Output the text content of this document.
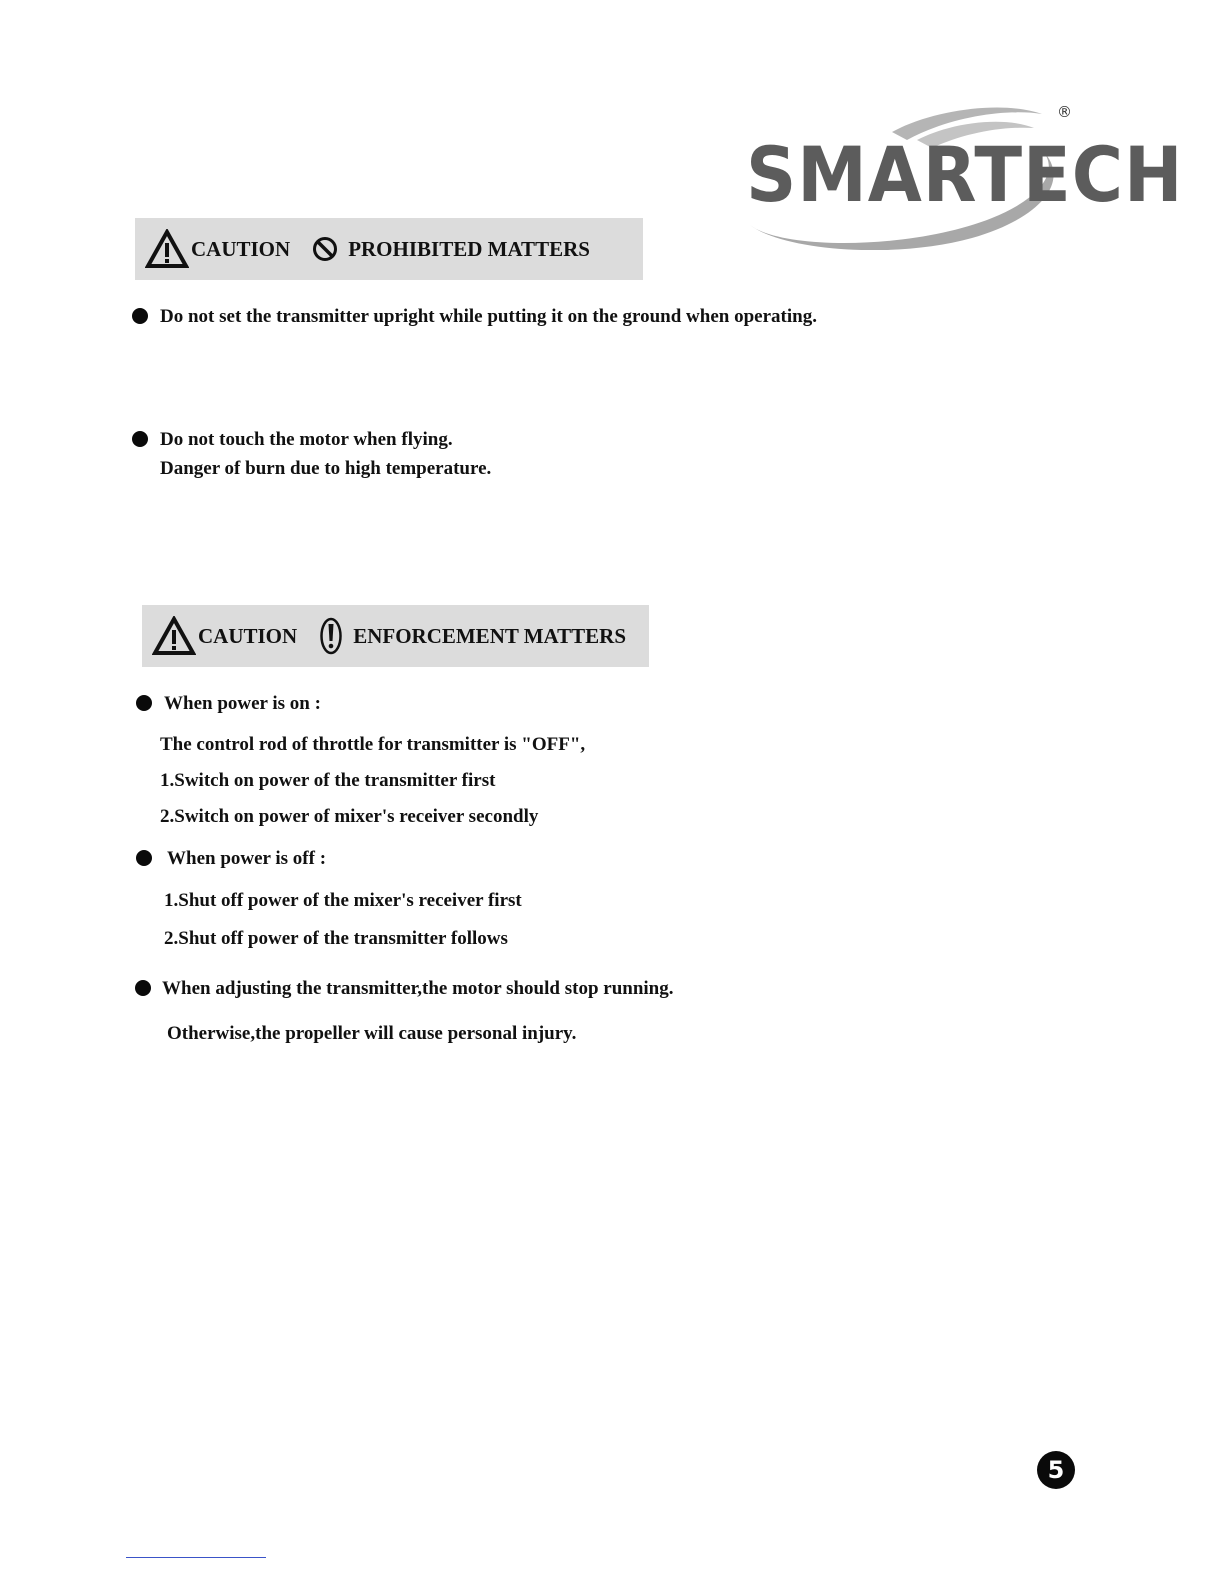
SMARTECH
®
CAUTION	PROHIBITED MATTERS
Do not set the transmitter upright while putting it on the ground when operating.
Do not touch the motor when flying.
Danger of burn due to high temperature.
CAUTION	ENFORCEMENT MATTERS
When power is on :
The control rod of throttle for transmitter is "OFF",
1.Switch on power of the transmitter first
2.Switch on power of mixer's receiver secondly
When power is off :
1.Shut off power of the mixer's receiver first
2.Shut off power of the transmitter follows
When adjusting the transmitter,the motor should stop running.
Otherwise,the propeller will cause personal injury.
5
